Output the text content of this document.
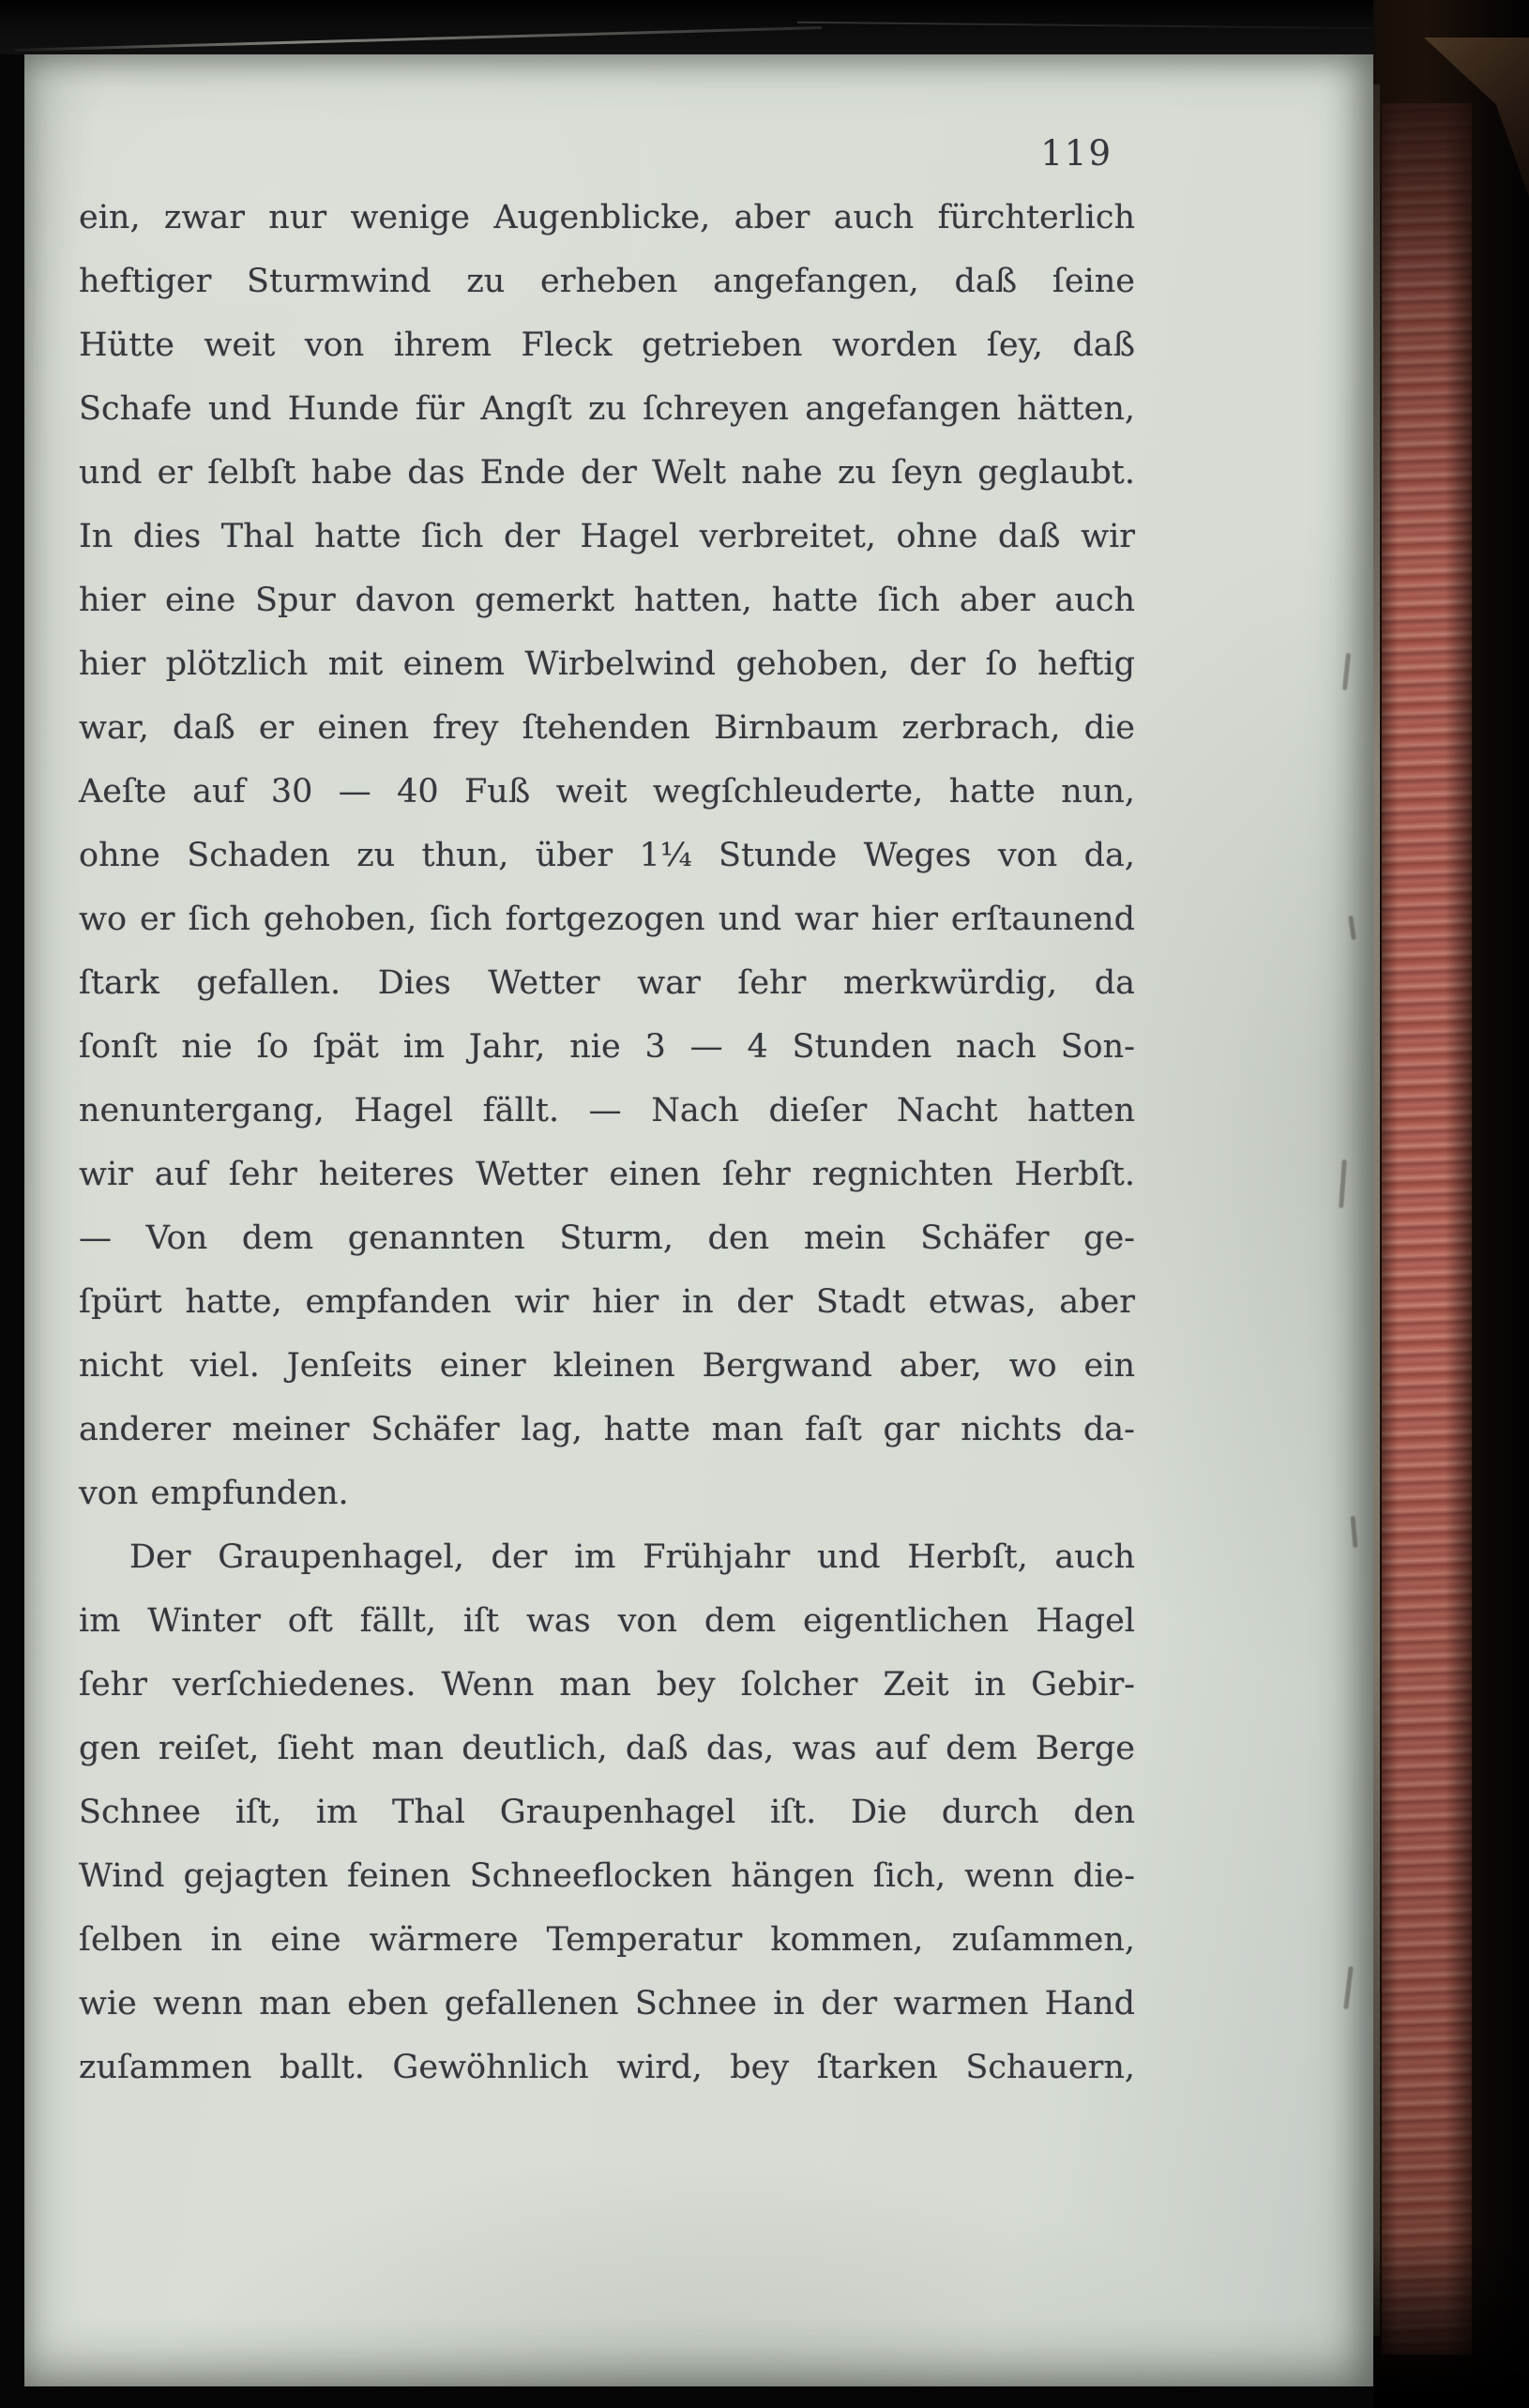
119
ein, zwar nur wenige Augenblicke, aber auch fürchterlich
heftiger Sturmwind zu erheben angefangen, daß ſeine
Hütte weit von ihrem Fleck getrieben worden ſey, daß
Schafe und Hunde für Angſt zu ſchreyen angefangen hätten,
und er ſelbſt habe das Ende der Welt nahe zu ſeyn geglaubt.
In dies Thal hatte ſich der Hagel verbreitet, ohne daß wir
hier eine Spur davon gemerkt hatten, hatte ſich aber auch
hier plötzlich mit einem Wirbelwind gehoben, der ſo heftig
war, daß er einen frey ſtehenden Birnbaum zerbrach, die
Aeſte auf 30 — 40 Fuß weit wegſchleuderte, hatte nun,
ohne Schaden zu thun, über 1¼ Stunde Weges von da,
wo er ſich gehoben, ſich fortgezogen und war hier erſtaunend
ſtark gefallen. Dies Wetter war ſehr merkwürdig, da
ſonſt nie ſo ſpät im Jahr, nie 3 — 4 Stunden nach Son-
nenuntergang, Hagel fällt. — Nach dieſer Nacht hatten
wir auf ſehr heiteres Wetter einen ſehr regnichten Herbſt.
— Von dem genannten Sturm, den mein Schäfer ge-
ſpürt hatte, empfanden wir hier in der Stadt etwas, aber
nicht viel. Jenſeits einer kleinen Bergwand aber, wo ein
anderer meiner Schäfer lag, hatte man faſt gar nichts da-
von empfunden.
Der Graupenhagel, der im Frühjahr und Herbſt, auch
im Winter oft fällt, iſt was von dem eigentlichen Hagel
ſehr verſchiedenes. Wenn man bey ſolcher Zeit in Gebir-
gen reiſet, ſieht man deutlich, daß das, was auf dem Berge
Schnee iſt, im Thal Graupenhagel iſt. Die durch den
Wind gejagten feinen Schneeflocken hängen ſich, wenn die-
ſelben in eine wärmere Temperatur kommen, zuſammen,
wie wenn man eben gefallenen Schnee in der warmen Hand
zuſammen ballt. Gewöhnlich wird, bey ſtarken Schauern,
